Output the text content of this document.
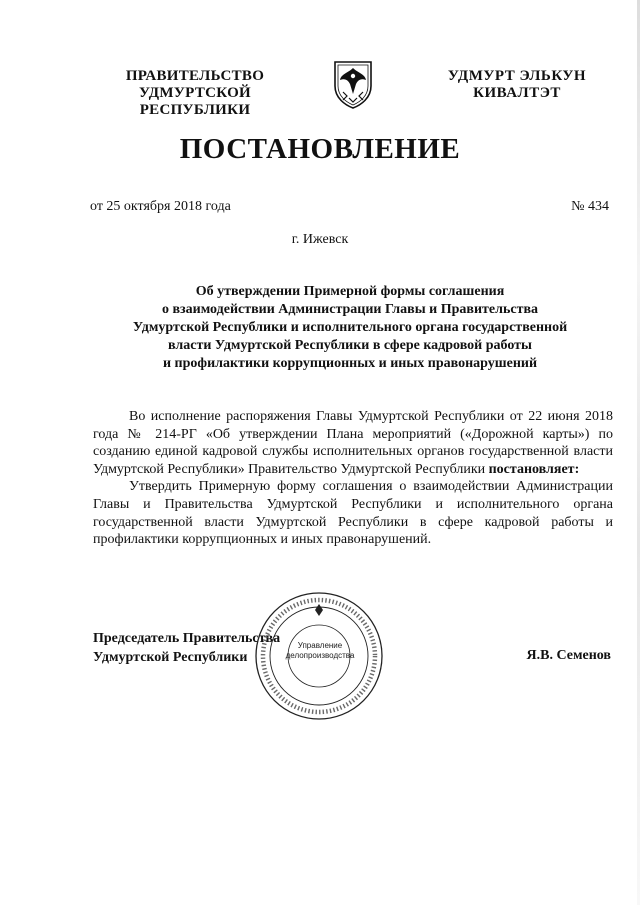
ПРАВИТЕЛЬСТВО
УДМУРТСКОЙ РЕСПУБЛИКИ
УДМУРТ ЭЛЬКУН
КИВАЛТЭТ
ПОСТАНОВЛЕНИЕ
от 25 октября 2018 года	№ 434
г. Ижевск
Об утверждении Примерной формы соглашения
о взаимодействии Администрации Главы и Правительства
Удмуртской Республики и исполнительного органа государственной
власти Удмуртской Республики в сфере кадровой работы
и профилактики коррупционных и иных правонарушений

Во исполнение распоряжения Главы Удмуртской Республики от 22 июня 2018 года № 214-РГ «Об утверждении Плана мероприятий («Дорожной карты») по созданию единой кадровой службы исполнительных органов государственной власти Удмуртской Республики» Правительство Удмуртской Республики постановляет:

Утвердить Примерную форму соглашения о взаимодействии Администрации Главы и Правительства Удмуртской Республики и исполнительного органа государственной власти Удмуртской Республики в сфере кадровой работы и профилактики коррупционных и иных правонарушений.

Председатель Правительства
Удмуртской Республики	Я.В. Семенов
Управление
делопроизводства
